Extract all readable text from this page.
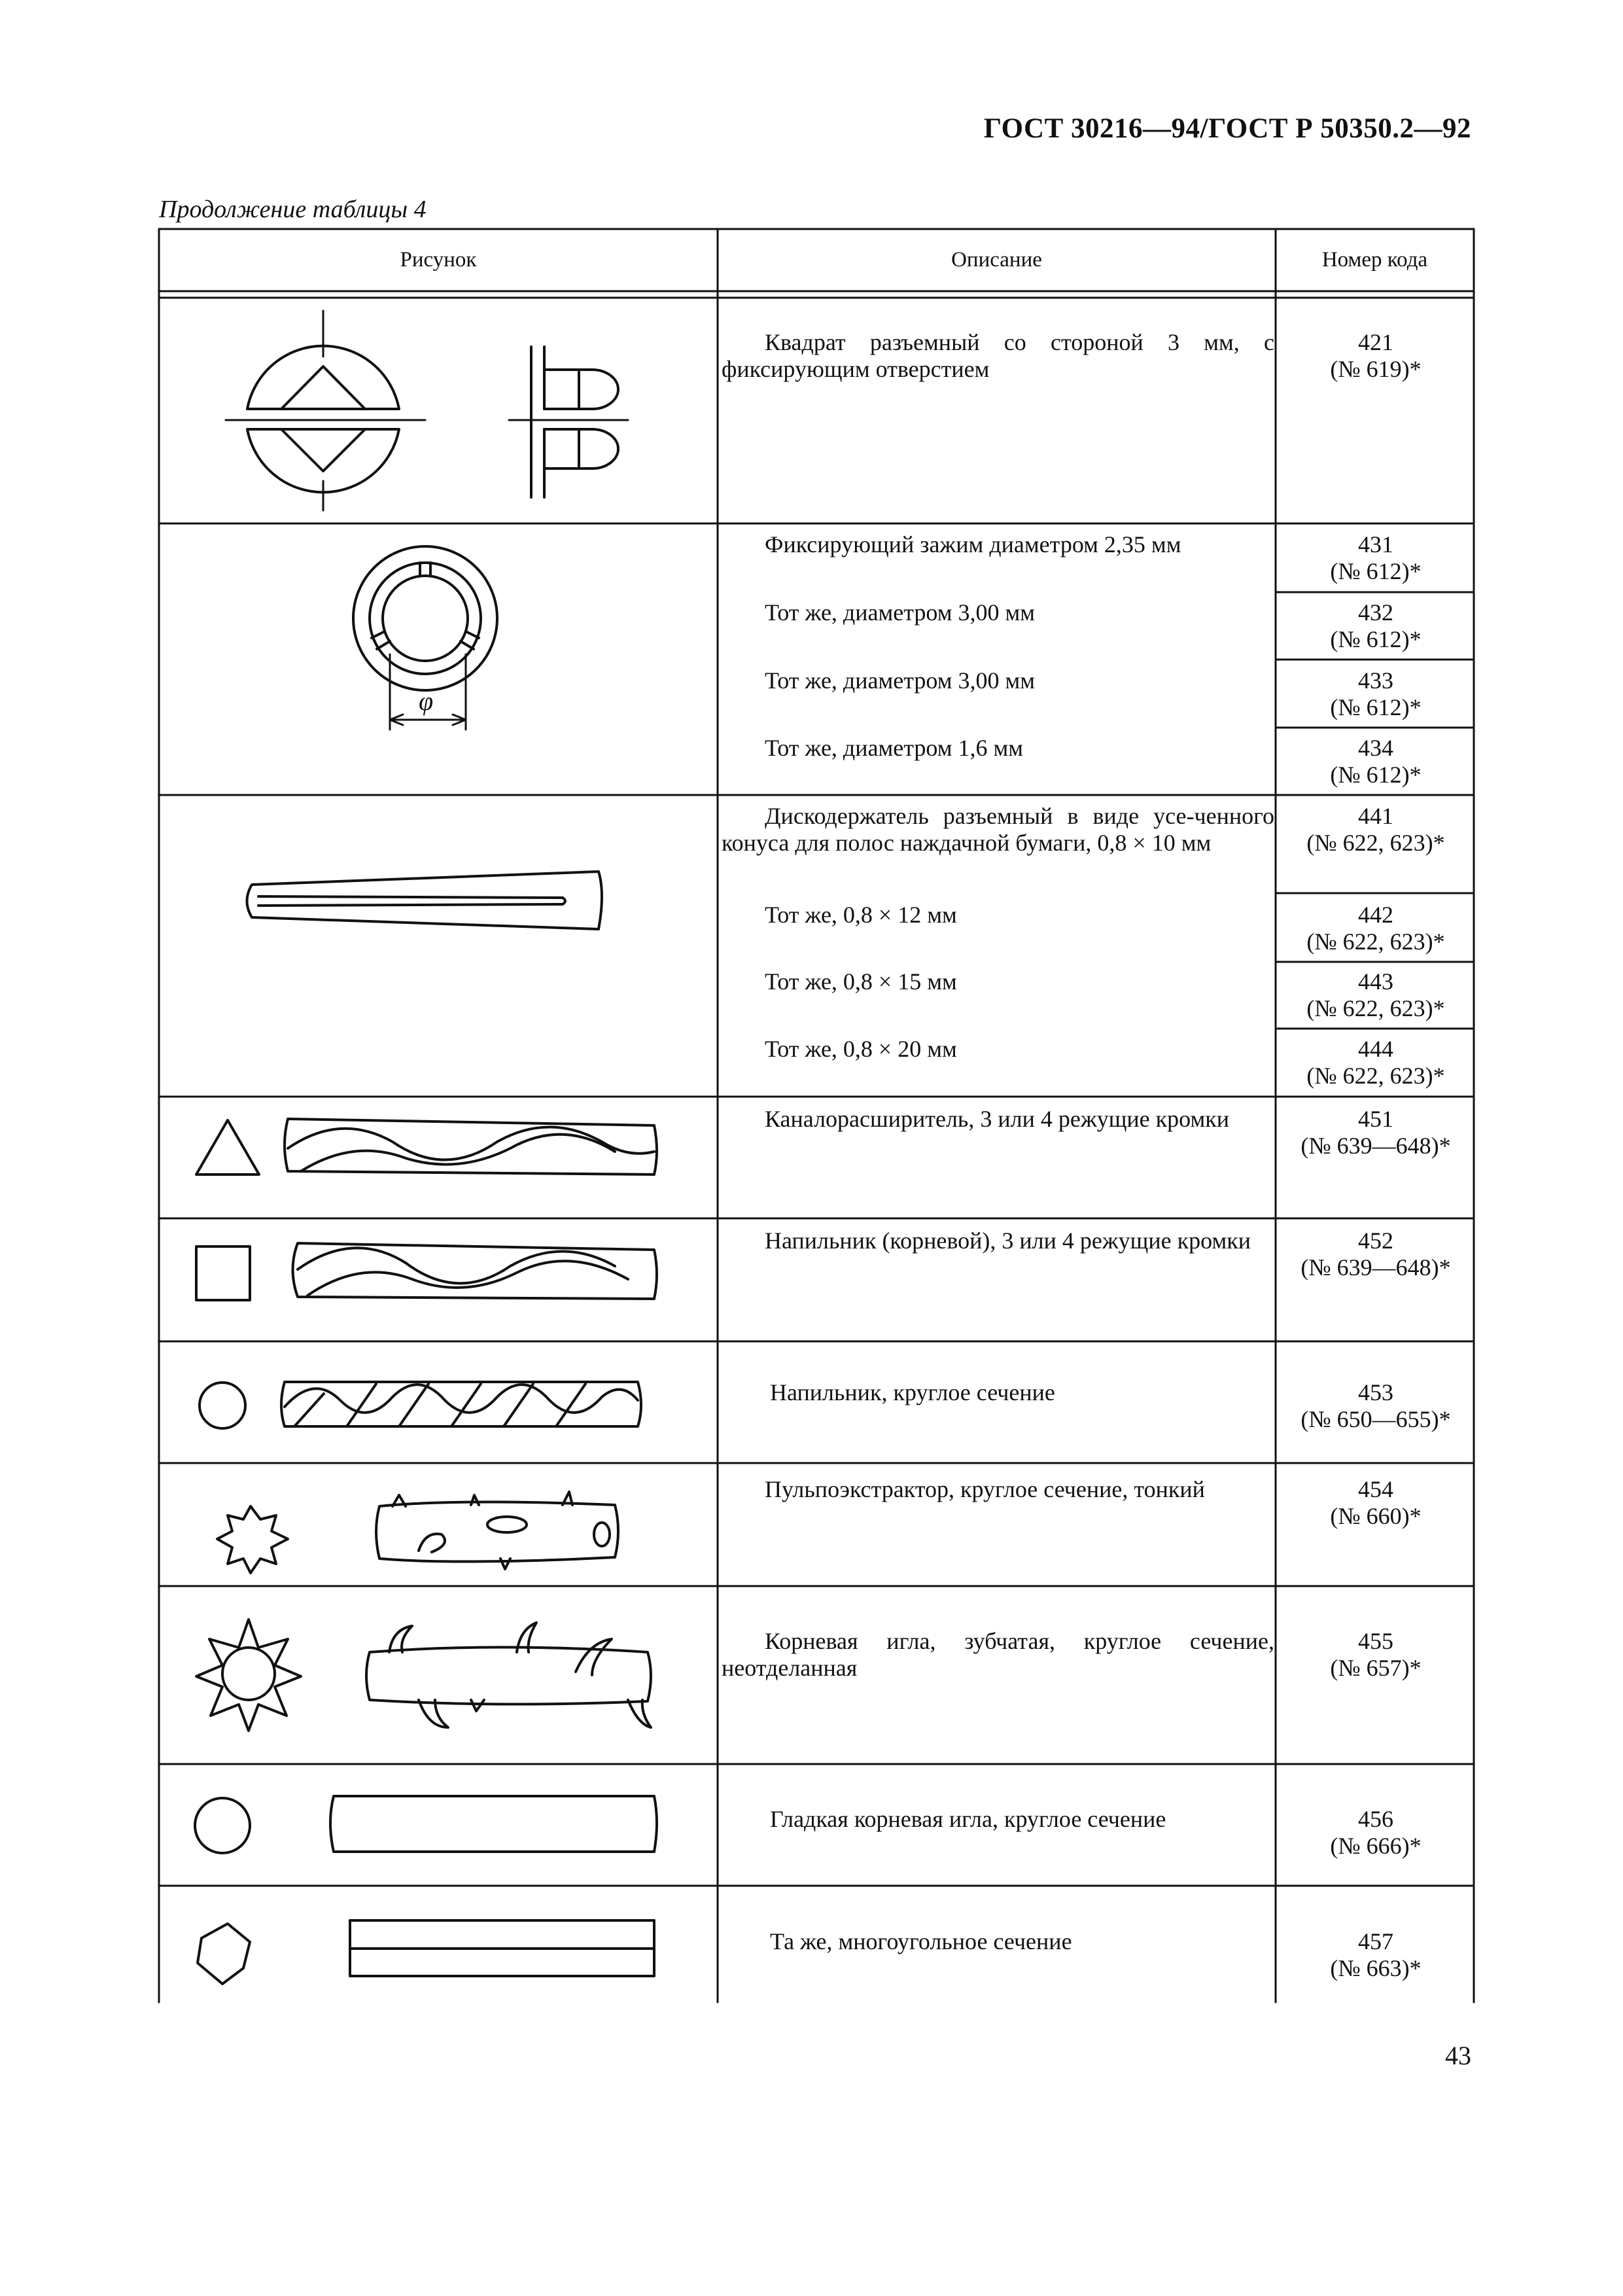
ГОСТ 30216—94/ГОСТ Р 50350.2—92
Продолжение таблицы 4
φ
Рисунок	Описание	Номер кода
Квадрат разъемный со стороной 3 мм, с фиксирующим отверстием
Фиксирующий зажим диаметром 2,35 мм
Тот же, диаметром 3,00 мм
Тот же, диаметром 3,00 мм
Тот же, диаметром 1,6 мм
Дискодержатель разъемный в виде усе-ченного конуса для полос наждачной бумаги, 0,8 × 10 мм
Тот же, 0,8 × 12 мм
Тот же, 0,8 × 15 мм
Тот же, 0,8 × 20 мм
Каналорасширитель, 3 или 4 режущие кромки
Напильник (корневой), 3 или 4 режущие кромки
Напильник, круглое сечение
Пульпоэкстрактор, круглое сечение, тонкий
Корневая игла, зубчатая, круглое сечение, неотделанная
Гладкая корневая игла, круглое сечение
Та же, многоугольное сечение
421
(№ 619)*
431
(№ 612)*
432
(№ 612)*
433
(№ 612)*
434
(№ 612)*
441
(№ 622, 623)*
442
(№ 622, 623)*
443
(№ 622, 623)*
444
(№ 622, 623)*
451
(№ 639—648)*
452
(№ 639—648)*
453
(№ 650—655)*
454
(№ 660)*
455
(№ 657)*
456
(№ 666)*
457
(№ 663)*
43
